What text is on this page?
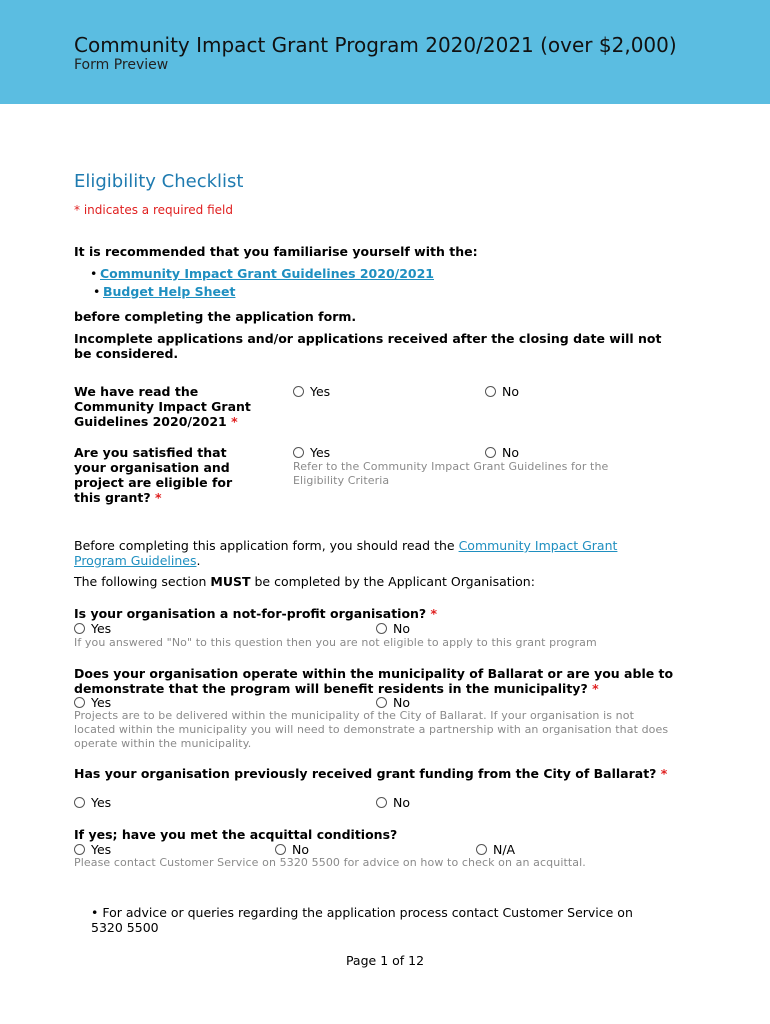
Community Impact Grant Program 2020/2021 (over $2,000)
Form Preview
Eligibility Checklist
* indicates a required field
It is recommended that you familiarise yourself with the:
• Community Impact Grant Guidelines 2020/2021
• Budget Help Sheet
before completing the application form.
Incomplete applications and/or applications received after the closing date will not be considered.
We have read the Community Impact Grant Guidelines 2020/2021 *
Yes	No
Are you satisfied that your organisation and project are eligible for this grant? *
Yes	No
Refer to the Community Impact Grant Guidelines for the Eligibility Criteria
Before completing this application form, you should read the Community Impact Grant Program Guidelines.
The following section MUST be completed by the Applicant Organisation:
Is your organisation a not-for-profit organisation? *
Yes	No
If you answered "No" to this question then you are not eligible to apply to this grant program
Does your organisation operate within the municipality of Ballarat or are you able to demonstrate that the program will benefit residents in the municipality? *
Yes	No
Projects are to be delivered within the municipality of the City of Ballarat. If your organisation is not located within the municipality you will need to demonstrate a partnership with an organisation that does operate within the municipality.
Has your organisation previously received grant funding from the City of Ballarat? *
Yes	No
If yes; have you met the acquittal conditions?
Yes	No	N/A
Please contact Customer Service on 5320 5500 for advice on how to check on an acquittal.
• For advice or queries regarding the application process contact Customer Service on 5320 5500
Page 1 of 12
